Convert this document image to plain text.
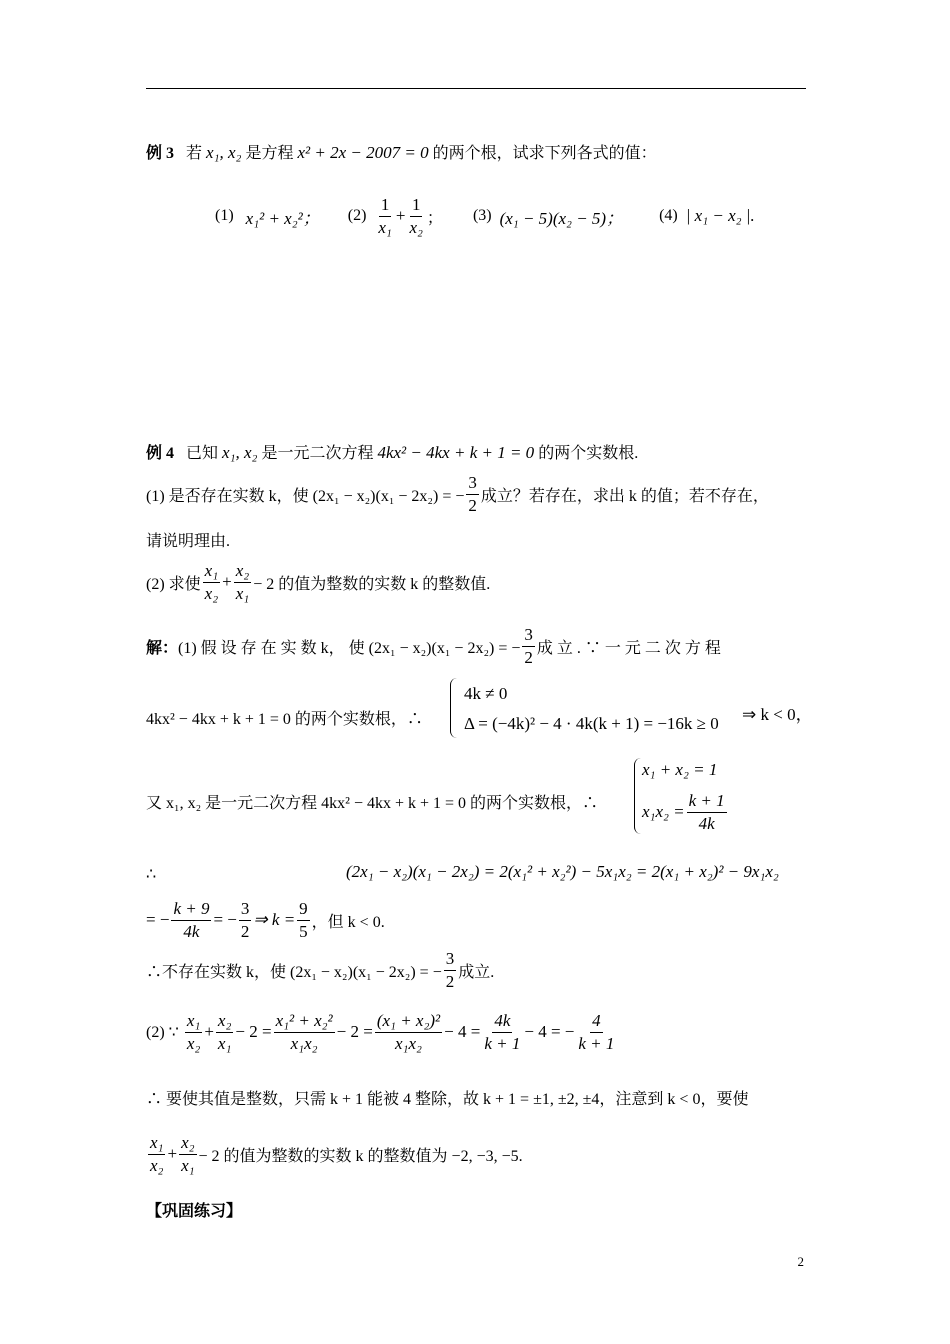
例 3 若 x₁, x₂ 是方程 x² + 2x − 2007 = 0 的两个根，试求下列各式的值：
(1)
x₁² + x₂²； (2)
$\frac{1}{\text{x₁}} + \frac{1}{\text{x₂}}$ ； (3)
(x₁ − 5)(x₂ − 5)； (4)
| x₁ − x₂ |.
例 4 已知 x₁, x₂ 是一元二次方程 4kx² − 4kx + k + 1 = 0 的两个实数根.
(1) 是否存在实数 k，使 (2x₁ − x₂)(x₁ − 2x₂) = − $\frac{3}{2}$ 成立？若存在，求出 k 的值；若不存在，
请说明理由.
(2) 求使 $\frac{\text{x₁}}{\text{x₂}} + \frac{\text{x₂}}{\text{x₁}} - 2$ 的值为整数的实数 k 的整数值.
解： (1) 假 设 存 在 实 数 k， 使 (2x₁ − x₂)(x₁ − 2x₂) = − $\frac{3}{2}$ 成 立 . ∵ 一 元 二 次 方 程
4kx² − 4kx + k + 1 = 0 的两个实数根，∴
4k ≠ 0
Δ = (−4k)² − 4 · 4k(k + 1) = −16k ≥ 0 ⇒ k < 0，
又 x₁, x₂ 是一元二次方程 4kx² − 4kx + k + 1 = 0 的两个实数根，∴
x₁ + x₂ = 1
$x_1x_2 = \frac{k + 1}{4k}$
∴	(2x₁ − x₂)(x₁ − 2x₂) = 2(x₁² + x₂²) − 5x₁x₂ = 2(x₁ + x₂)² − 9x₁x₂
= − $\frac{k + 9}{4k}$ = − $\frac{3}{2}$ ⇒ $k = \frac{9}{5}$ ，但 k < 0.
∴不存在实数 k，使 (2x₁ − x₂)(x₁ − 2x₂) = − $\frac{3}{2}$ 成立.
(2) ∵
$\frac{\text{x₁}}{\text{x₂}} + \frac{\text{x₂}}{\text{x₁}} - 2 = \frac{\text{x₁² + x₂²}}{\text{x₁x₂}} - 2 = \frac{\text{(x₁ + x₂)²}}{\text{x₁x₂}} - 4 = \frac{4k}{k + 1} - 4$ = − $\frac{4}{k + 1}$
∴ 要使其值是整数，只需 k + 1 能被 4 整除，故 k + 1 = ±1, ±2, ±4，注意到 k < 0，要使
$\frac{\text{x₁}}{\text{x₂}} + \frac{\text{x₂}}{\text{x₁}} - 2$ 的值为整数的实数 k 的整数值为 −2, −3, −5.
【巩固练习】
2
